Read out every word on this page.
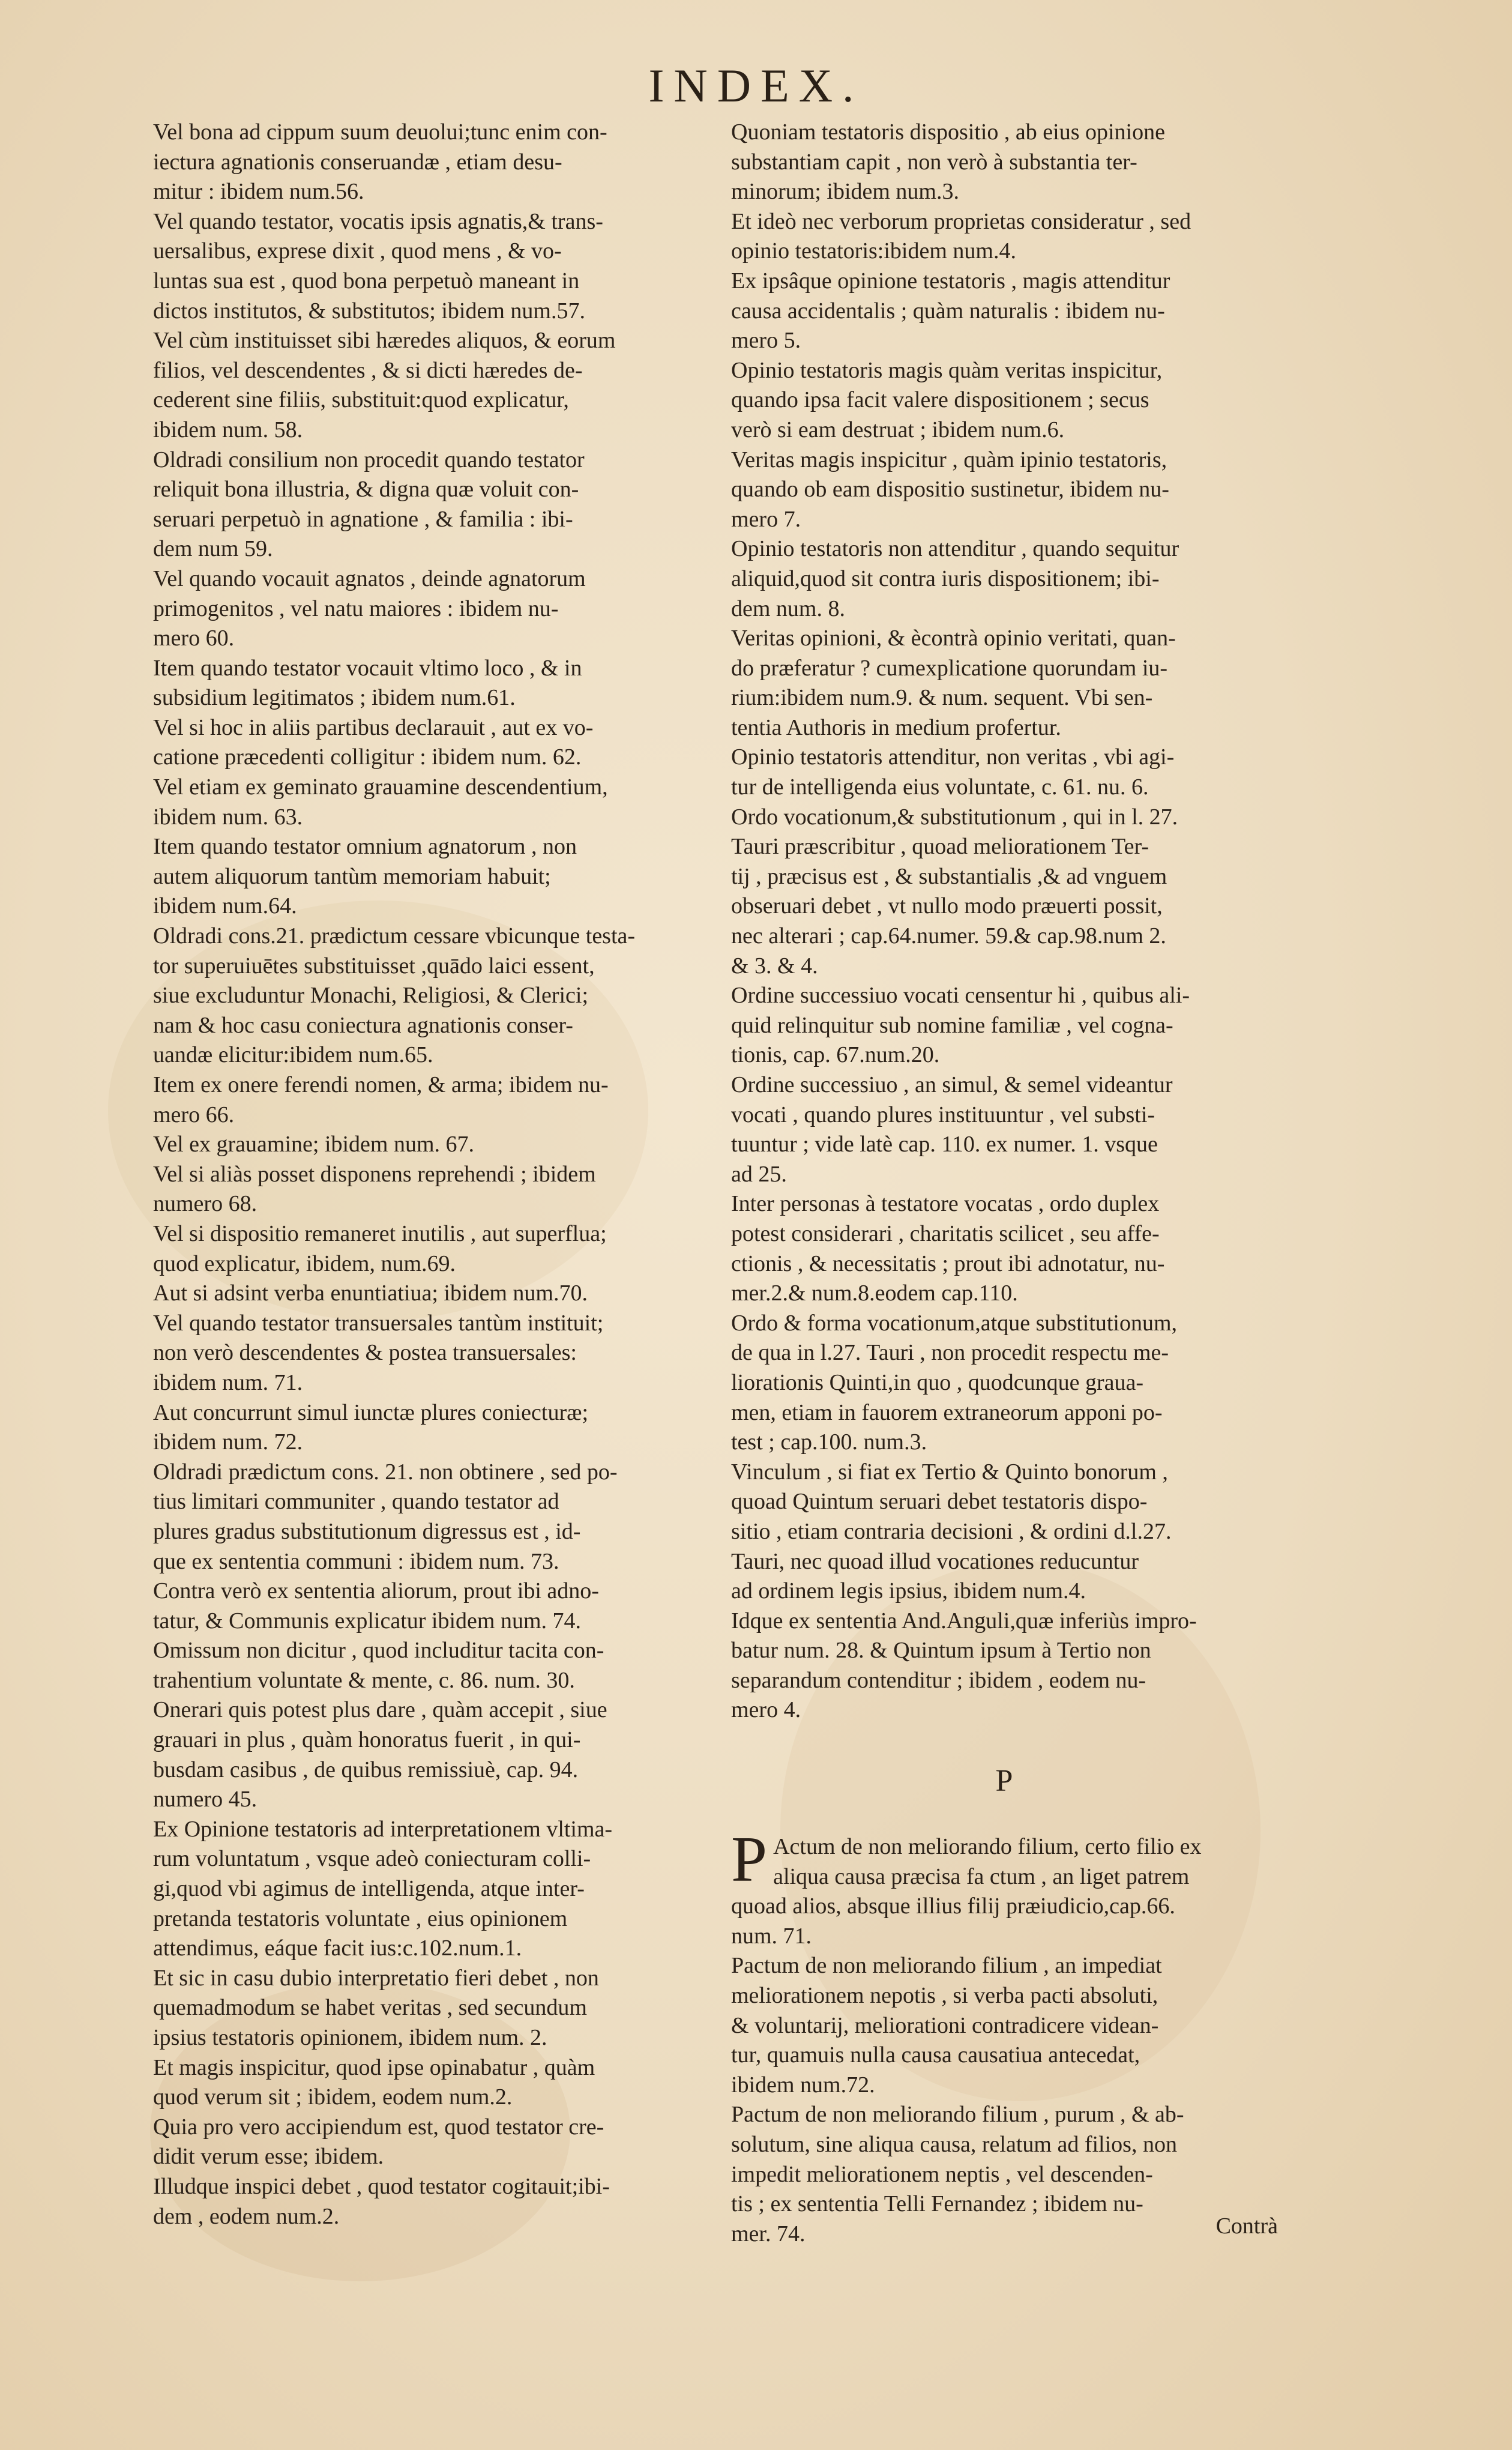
INDEX.

Vel bona ad cippum suum deuolui;tunc enim con-
iectura agnationis conseruandæ , etiam desu-
mitur : ibidem num.56.

Vel quando testator, vocatis ipsis agnatis,& trans-
uersalibus, exprese dixit , quod mens , & vo-
luntas sua est , quod bona perpetuò maneant in
dictos institutos, & substitutos; ibidem num.57.

Vel cùm instituisset sibi hæredes aliquos, & eorum
filios, vel descendentes , & si dicti hæredes de-
cederent sine filiis, substituit:quod explicatur,
ibidem num. 58.

Oldradi consilium non procedit quando testator
reliquit bona illustria, & digna quæ voluit con-
seruari perpetuò in agnatione , & familia : ibi-
dem num 59.

Vel quando vocauit agnatos , deinde agnatorum
primogenitos , vel natu maiores : ibidem nu-
mero 60.

Item quando testator vocauit vltimo loco , & in
subsidium legitimatos ; ibidem num.61.

Vel si hoc in aliis partibus declarauit , aut ex vo-
catione præcedenti colligitur : ibidem num. 62.

Vel etiam ex geminato grauamine descendentium,
ibidem num. 63.

Item quando testator omnium agnatorum , non
autem aliquorum tantùm memoriam habuit;
ibidem num.64.

Oldradi cons.21. prædictum cessare vbicunque testa-
tor superuiuētes substituisset ,quādo laici essent,
siue excluduntur Monachi, Religiosi, & Clerici;
nam & hoc casu coniectura agnationis conser-
uandæ elicitur:ibidem num.65.

Item ex onere ferendi nomen, & arma; ibidem nu-
mero 66.

Vel ex grauamine; ibidem num. 67.

Vel si aliàs posset disponens reprehendi ; ibidem
numero 68.

Vel si dispositio remaneret inutilis , aut superflua;
quod explicatur, ibidem, num.69.

Aut si adsint verba enuntiatiua; ibidem num.70.

Vel quando testator transuersales tantùm instituit;
non verò descendentes & postea transuersales:
ibidem num. 71.

Aut concurrunt simul iunctæ plures coniecturæ;
ibidem num. 72.

Oldradi prædictum cons. 21. non obtinere , sed po-
tius limitari communiter , quando testator ad
plures gradus substitutionum digressus est , id-
que ex sententia communi : ibidem num. 73.

Contra verò ex sententia aliorum, prout ibi adno-
tatur, & Communis explicatur ibidem num. 74.

Omissum non dicitur , quod includitur tacita con-
trahentium voluntate & mente, c. 86. num. 30.

Onerari quis potest plus dare , quàm accepit , siue
grauari in plus , quàm honoratus fuerit , in qui-
busdam casibus , de quibus remissiuè, cap. 94.
numero 45.

Ex Opinione testatoris ad interpretationem vltima-
rum voluntatum , vsque adeò coniecturam colli-
gi,quod vbi agimus de intelligenda, atque inter-
pretanda testatoris voluntate , eius opinionem
attendimus, eáque facit ius:c.102.num.1.

Et sic in casu dubio interpretatio fieri debet , non
quemadmodum se habet veritas , sed secundum
ipsius testatoris opinionem, ibidem num. 2.

Et magis inspicitur, quod ipse opinabatur , quàm
quod verum sit ; ibidem, eodem num.2.

Quia pro vero accipiendum est, quod testator cre-
didit verum esse; ibidem.

Illudque inspici debet , quod testator cogitauit;ibi-
dem , eodem num.2.

Quoniam testatoris dispositio , ab eius opinione
substantiam capit , non verò à substantia ter-
minorum; ibidem num.3.

Et ideò nec verborum proprietas consideratur , sed
opinio testatoris:ibidem num.4.

Ex ipsâque opinione testatoris , magis attenditur
causa accidentalis ; quàm naturalis : ibidem nu-
mero 5.

Opinio testatoris magis quàm veritas inspicitur,
quando ipsa facit valere dispositionem ; secus
verò si eam destruat ; ibidem num.6.

Veritas magis inspicitur , quàm ipinio testatoris,
quando ob eam dispositio sustinetur, ibidem nu-
mero 7.

Opinio testatoris non attenditur , quando sequitur
aliquid,quod sit contra iuris dispositionem; ibi-
dem num. 8.

Veritas opinioni, & ècontrà opinio veritati, quan-
do præferatur ? cumexplicatione quorundam iu-
rium:ibidem num.9. & num. sequent. Vbi sen-
tentia Authoris in medium profertur.

Opinio testatoris attenditur, non veritas , vbi agi-
tur de intelligenda eius voluntate, c. 61. nu. 6.

Ordo vocationum,& substitutionum , qui in l. 27.
Tauri præscribitur , quoad meliorationem Ter-
tij , præcisus est , & substantialis ,& ad vnguem
obseruari debet , vt nullo modo præuerti possit,
nec alterari ; cap.64.numer. 59.& cap.98.num 2.
& 3. & 4.

Ordine successiuo vocati censentur hi , quibus ali-
quid relinquitur sub nomine familiæ , vel cogna-
tionis, cap. 67.num.20.

Ordine successiuo , an simul, & semel videantur
vocati , quando plures instituuntur , vel substi-
tuuntur ; vide latè cap. 110. ex numer. 1. vsque
ad 25.

Inter personas à testatore vocatas , ordo duplex
potest considerari , charitatis scilicet , seu affe-
ctionis , & necessitatis ; prout ibi adnotatur, nu-
mer.2.& num.8.eodem cap.110.

Ordo & forma vocationum,atque substitutionum,
de qua in l.27. Tauri , non procedit respectu me-
liorationis Quinti,in quo , quodcunque graua-
men, etiam in fauorem extraneorum apponi po-
test ; cap.100. num.3.

Vinculum , si fiat ex Tertio & Quinto bonorum ,
quoad Quintum seruari debet testatoris dispo-
sitio , etiam contraria decisioni , & ordini d.l.27.
Tauri, nec quoad illud vocationes reducuntur
ad ordinem legis ipsius, ibidem num.4.

Idque ex sententia And.Anguli,quæ inferiùs impro-
batur num. 28. & Quintum ipsum à Tertio non
separandum contenditur ; ibidem , eodem nu-
mero 4.

P

P Actum de non meliorando filium, certo filio ex
aliqua causa præcisa fa ctum , an liget patrem
quoad alios, absque illius filij præiudicio,cap.66.
num. 71.

Pactum de non meliorando filium , an impediat
meliorationem nepotis , si verba pacti absoluti,
& voluntarij, meliorationi contradicere videan-
tur, quamuis nulla causa causatiua antecedat,
ibidem num.72.

Pactum de non meliorando filium , purum , & ab-
solutum, sine aliqua causa, relatum ad filios, non
impedit meliorationem neptis , vel descenden-
tis ; ex sententia Telli Fernandez ; ibidem nu-
mer. 74.	Contrà
